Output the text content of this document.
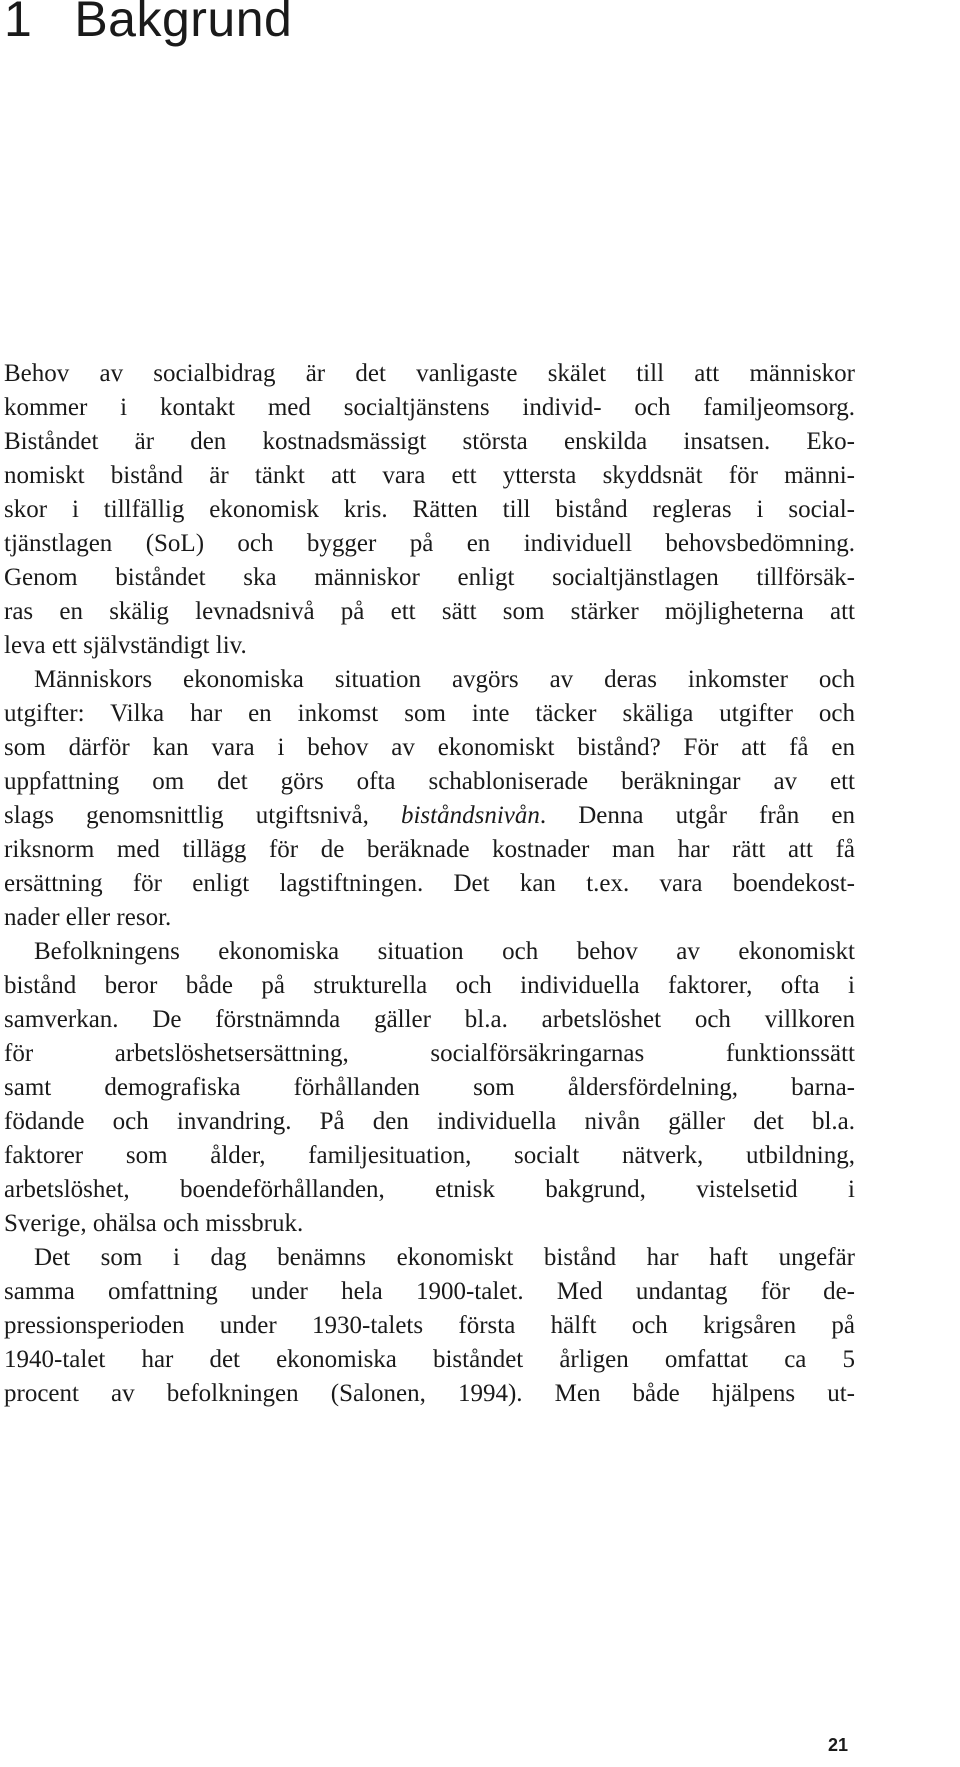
1 Bakgrund
Behov av socialbidrag är det vanligaste skälet till att människor
kommer i kontakt med socialtjänstens individ- och familjeomsorg.
Biståndet är den kostnadsmässigt största enskilda insatsen. Eko-
nomiskt bistånd är tänkt att vara ett yttersta skyddsnät för männi-
skor i tillfällig ekonomisk kris. Rätten till bistånd regleras i social-
tjänstlagen (SoL) och bygger på en individuell behovsbedömning.
Genom biståndet ska människor enligt socialtjänstlagen tillförsäk-
ras en skälig levnadsnivå på ett sätt som stärker möjligheterna att
leva ett självständigt liv.
Människors ekonomiska situation avgörs av deras inkomster och
utgifter: Vilka har en inkomst som inte täcker skäliga utgifter och
som därför kan vara i behov av ekonomiskt bistånd? För att få en
uppfattning om det görs ofta schabloniserade beräkningar av ett
slags genomsnittlig utgiftsnivå, biståndsnivån. Denna utgår från en
riksnorm med tillägg för de beräknade kostnader man har rätt att få
ersättning för enligt lagstiftningen. Det kan t.ex. vara boendekost-
nader eller resor.
Befolkningens ekonomiska situation och behov av ekonomiskt
bistånd beror både på strukturella och individuella faktorer, ofta i
samverkan. De förstnämnda gäller bl.a. arbetslöshet och villkoren
för arbetslöshetsersättning, socialförsäkringarnas funktionssätt
samt demografiska förhållanden som åldersfördelning, barna-
födande och invandring. På den individuella nivån gäller det bl.a.
faktorer som ålder, familjesituation, socialt nätverk, utbildning,
arbetslöshet, boendeförhållanden, etnisk bakgrund, vistelsetid i
Sverige, ohälsa och missbruk.
Det som i dag benämns ekonomiskt bistånd har haft ungefär
samma omfattning under hela 1900-talet. Med undantag för de-
pressionsperioden under 1930-talets första hälft och krigsåren på
1940-talet har det ekonomiska biståndet årligen omfattat ca 5
procent av befolkningen (Salonen, 1994). Men både hjälpens ut-
21
